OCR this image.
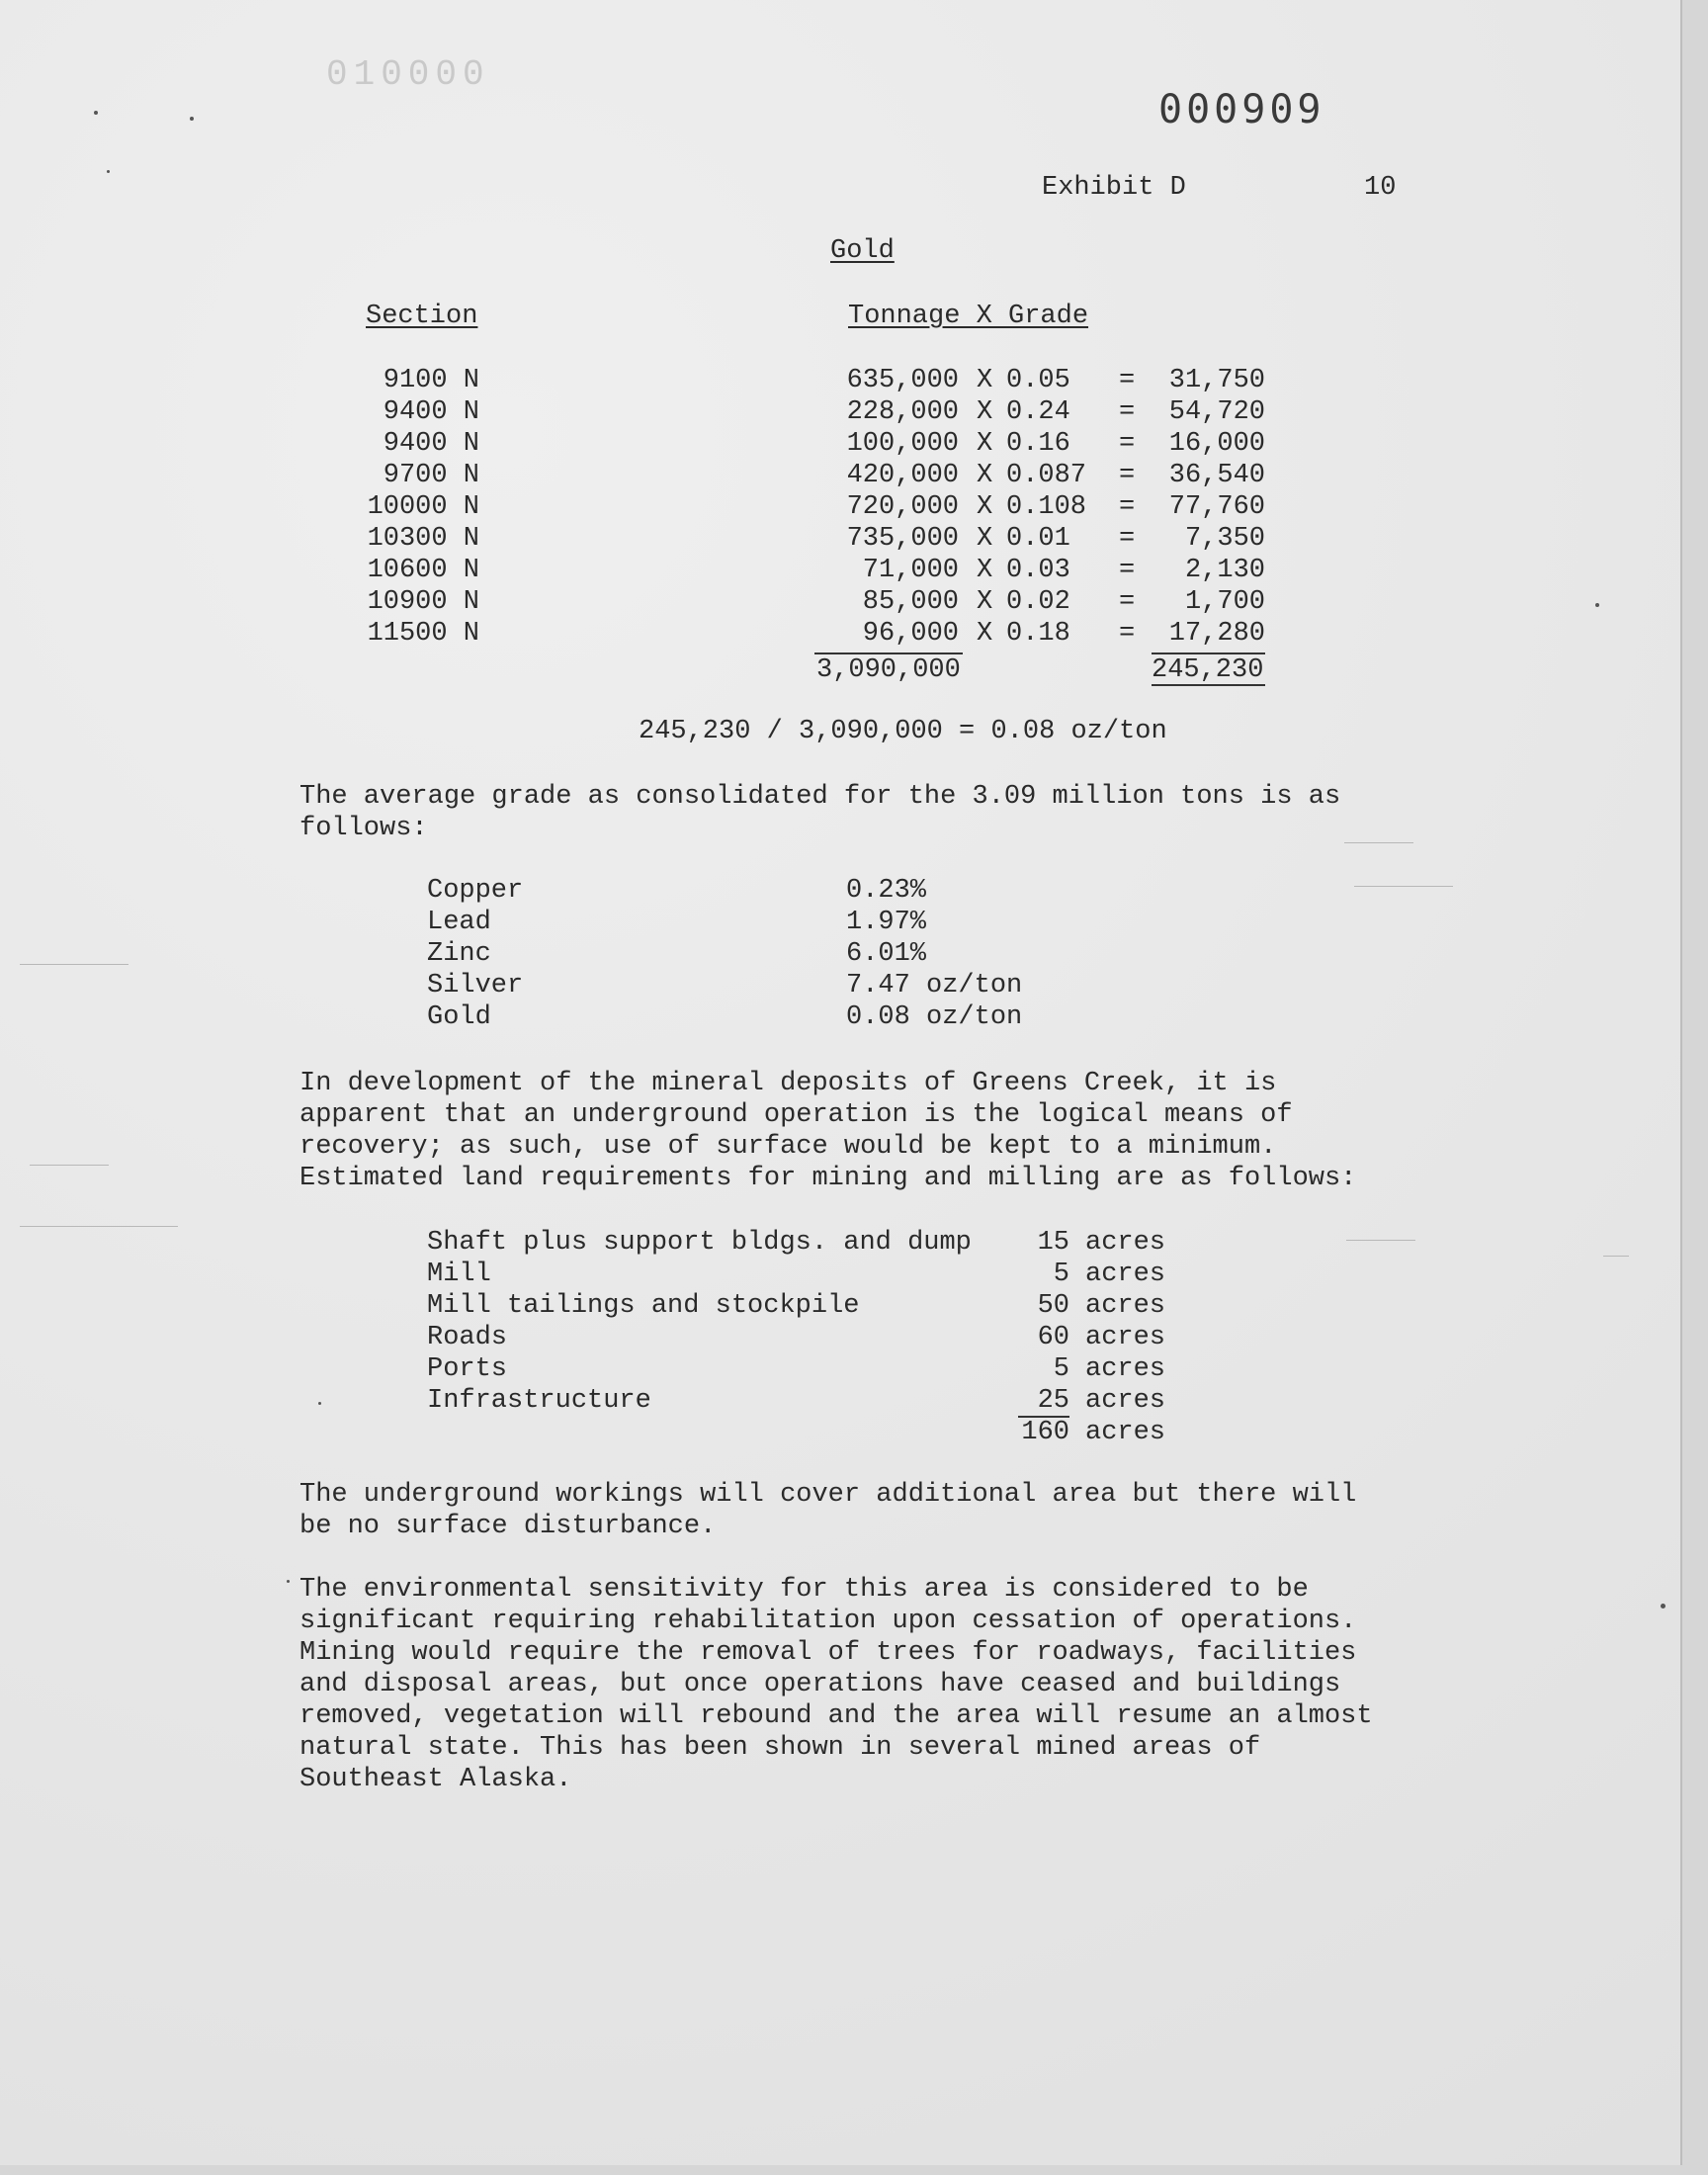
010000
000909
Exhibit D	10
Gold
Section	Tonnage X Grade
9100 N	635,000 X 0.05 =	31,750
9400 N	228,000 X 0.24 =	54,720
9400 N	100,000 X 0.16 =	16,000
9700 N	420,000 X 0.087 =	36,540
10000 N	720,000 X 0.108 =	77,760
10300 N	735,000 X 0.01 =	7,350
10600 N	71,000 X 0.03 =	2,130
10900 N	85,000 X 0.02 =	1,700
11500 N	96,000 X 0.18 =	17,280
3,090,000	245,230
245,230 / 3,090,000 = 0.08 oz/ton
The average grade as consolidated for the 3.09 million tons is as
follows:
Copper	0.23%
Lead	1.97%
Zinc	6.01%
Silver	7.47 oz/ton
Gold	0.08 oz/ton
In development of the mineral deposits of Greens Creek, it is
apparent that an underground operation is the logical means of
recovery; as such, use of surface would be kept to a minimum.
Estimated land requirements for mining and milling are as follows:
Shaft plus support bldgs. and dump	15 acres
Mill	5 acres
Mill tailings and stockpile	50 acres
Roads	60 acres
Ports	5 acres
Infrastructure	25 acres
160 acres
The underground workings will cover additional area but there will
be no surface disturbance.
The environmental sensitivity for this area is considered to be
significant requiring rehabilitation upon cessation of operations.
Mining would require the removal of trees for roadways, facilities
and disposal areas, but once operations have ceased and buildings
removed, vegetation will rebound and the area will resume an almost
natural state. This has been shown in several mined areas of
Southeast Alaska.
